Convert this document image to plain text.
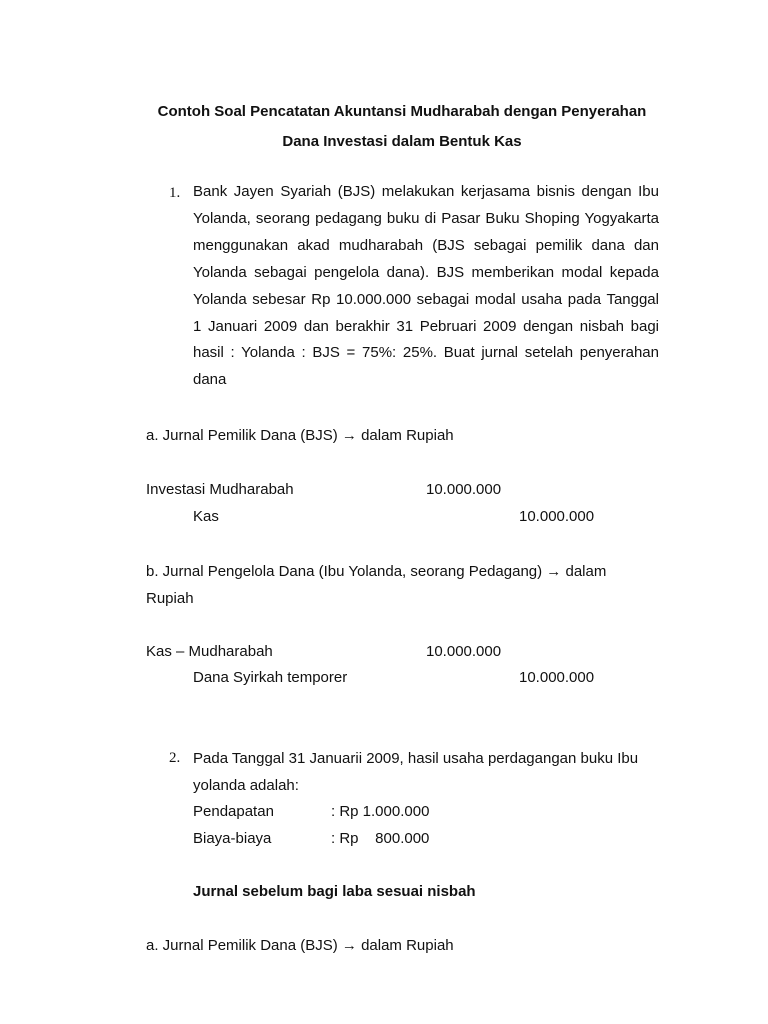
Contoh Soal Pencatatan Akuntansi Mudharabah dengan Penyerahan
Dana Investasi dalam Bentuk Kas
1. Bank Jayen Syariah (BJS) melakukan kerjasama bisnis dengan Ibu Yolanda, seorang pedagang buku di Pasar Buku Shoping Yogyakarta menggunakan akad mudharabah (BJS sebagai pemilik dana dan Yolanda sebagai pengelola dana). BJS memberikan modal kepada Yolanda sebesar Rp 10.000.000 sebagai modal usaha pada Tanggal 1 Januari 2009 dan berakhir 31 Pebruari 2009 dengan nisbah bagi hasil : Yolanda : BJS = 75%: 25%. Buat jurnal setelah penyerahan dana
a. Jurnal Pemilik Dana (BJS) → dalam Rupiah
Investasi Mudharabah	10.000.000
Kas	10.000.000
b. Jurnal Pengelola Dana (Ibu Yolanda, seorang Pedagang) → dalam
Rupiah
Kas – Mudharabah	10.000.000
Dana Syirkah temporer	10.000.000
2. Pada Tanggal 31 Januarii 2009, hasil usaha perdagangan buku Ibu
yolanda adalah:
Pendapatan	: Rp 1.000.000
Biaya-biaya	: Rp    800.000
Jurnal sebelum bagi laba sesuai nisbah
a. Jurnal Pemilik Dana (BJS) → dalam Rupiah
